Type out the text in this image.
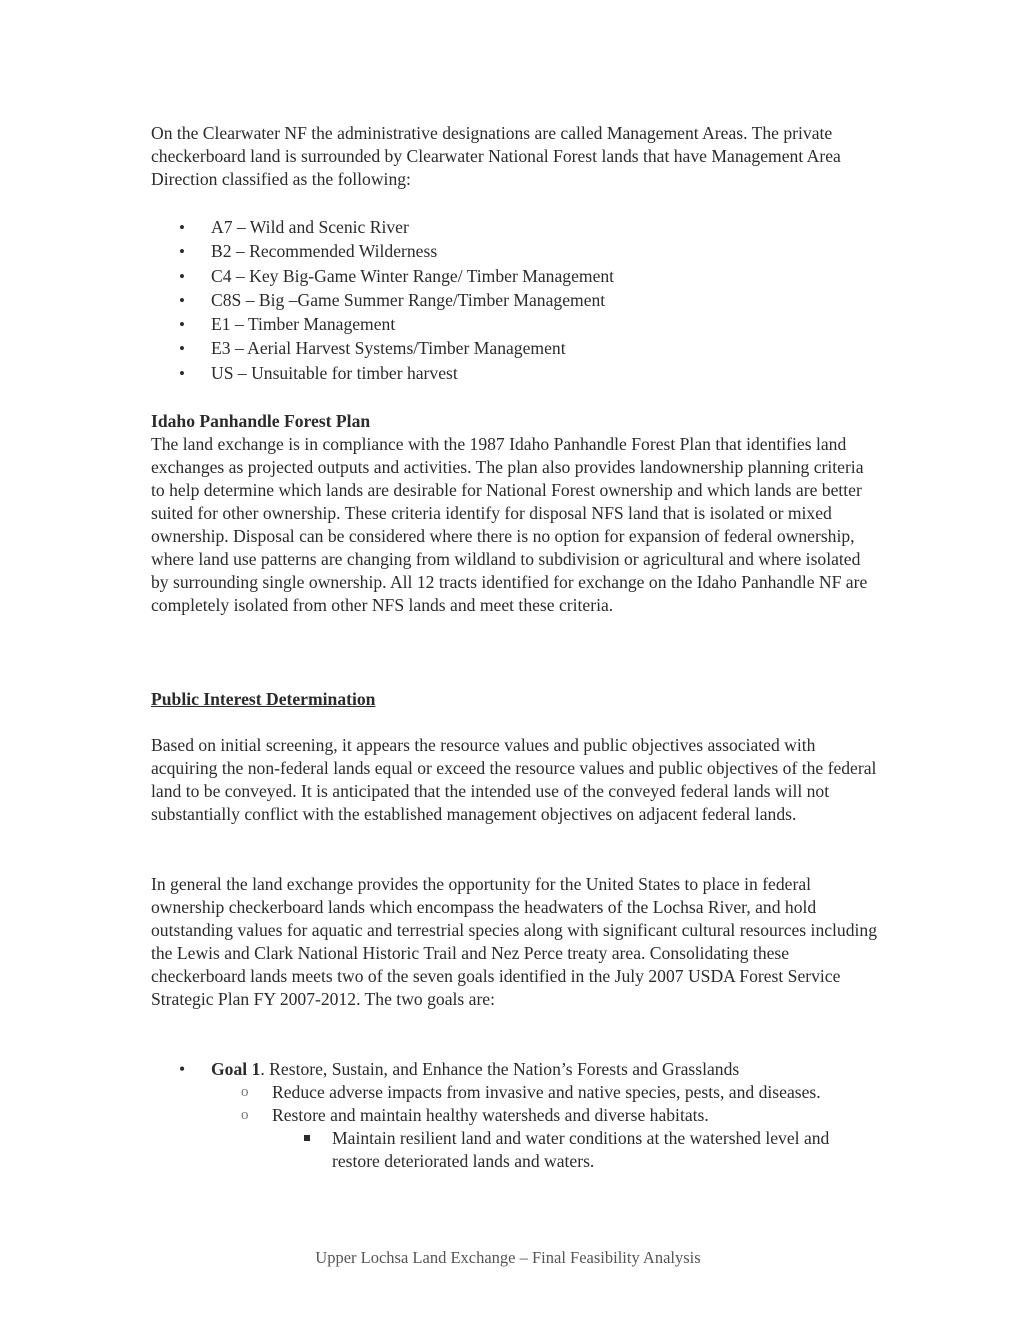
On the Clearwater NF the administrative designations are called Management Areas. The private checkerboard land is surrounded by Clearwater National Forest lands that have Management Area Direction classified as the following:

• A7 – Wild and Scenic River
• B2 – Recommended Wilderness
• C4 – Key Big-Game Winter Range/ Timber Management
• C8S – Big –Game Summer Range/Timber Management
• E1 – Timber Management
• E3 – Aerial Harvest Systems/Timber Management
• US – Unsuitable for timber harvest

Idaho Panhandle Forest Plan

The land exchange is in compliance with the 1987 Idaho Panhandle Forest Plan that identifies land exchanges as projected outputs and activities. The plan also provides landownership planning criteria to help determine which lands are desirable for National Forest ownership and which lands are better suited for other ownership. These criteria identify for disposal NFS land that is isolated or mixed ownership. Disposal can be considered where there is no option for expansion of federal ownership, where land use patterns are changing from wildland to subdivision or agricultural and where isolated by surrounding single ownership. All 12 tracts identified for exchange on the Idaho Panhandle NF are completely isolated from other NFS lands and meet these criteria.

Public Interest Determination

Based on initial screening, it appears the resource values and public objectives associated with acquiring the non-federal lands equal or exceed the resource values and public objectives of the federal land to be conveyed. It is anticipated that the intended use of the conveyed federal lands will not substantially conflict with the established management objectives on adjacent federal lands.

In general the land exchange provides the opportunity for the United States to place in federal ownership checkerboard lands which encompass the headwaters of the Lochsa River, and hold outstanding values for aquatic and terrestrial species along with significant cultural resources including the Lewis and Clark National Historic Trail and Nez Perce treaty area. Consolidating these checkerboard lands meets two of the seven goals identified in the July 2007 USDA Forest Service Strategic Plan FY 2007-2012. The two goals are:

• Goal 1. Restore, Sustain, and Enhance the Nation’s Forests and Grasslands
o Reduce adverse impacts from invasive and native species, pests, and diseases.
o Restore and maintain healthy watersheds and diverse habitats.
Maintain resilient land and water conditions at the watershed level and restore deteriorated lands and waters.
Upper Lochsa Land Exchange – Final Feasibility Analysis
